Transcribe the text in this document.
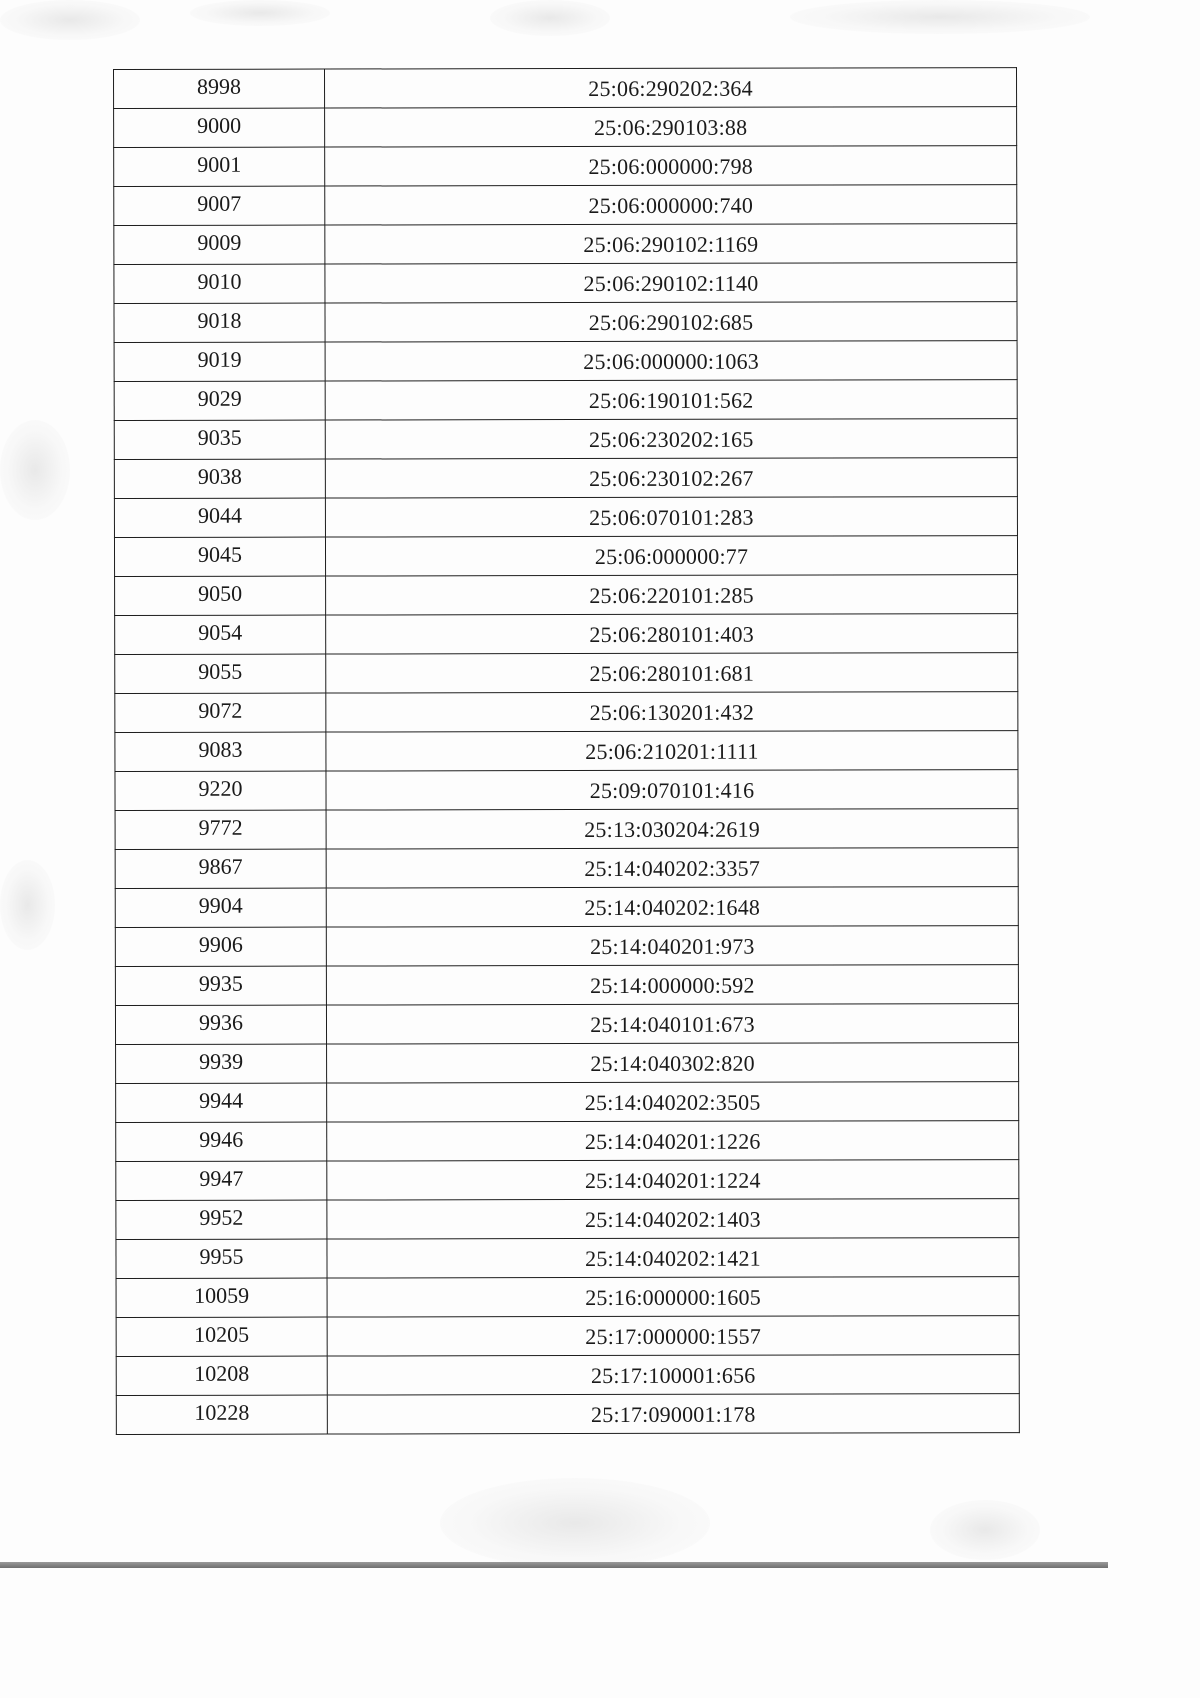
8998	25:06:290202:364
9000	25:06:290103:88
9001	25:06:000000:798
9007	25:06:000000:740
9009	25:06:290102:1169
9010	25:06:290102:1140
9018	25:06:290102:685
9019	25:06:000000:1063
9029	25:06:190101:562
9035	25:06:230202:165
9038	25:06:230102:267
9044	25:06:070101:283
9045	25:06:000000:77
9050	25:06:220101:285
9054	25:06:280101:403
9055	25:06:280101:681
9072	25:06:130201:432
9083	25:06:210201:1111
9220	25:09:070101:416
9772	25:13:030204:2619
9867	25:14:040202:3357
9904	25:14:040202:1648
9906	25:14:040201:973
9935	25:14:000000:592
9936	25:14:040101:673
9939	25:14:040302:820
9944	25:14:040202:3505
9946	25:14:040201:1226
9947	25:14:040201:1224
9952	25:14:040202:1403
9955	25:14:040202:1421
10059	25:16:000000:1605
10205	25:17:000000:1557
10208	25:17:100001:656
10228	25:17:090001:178
